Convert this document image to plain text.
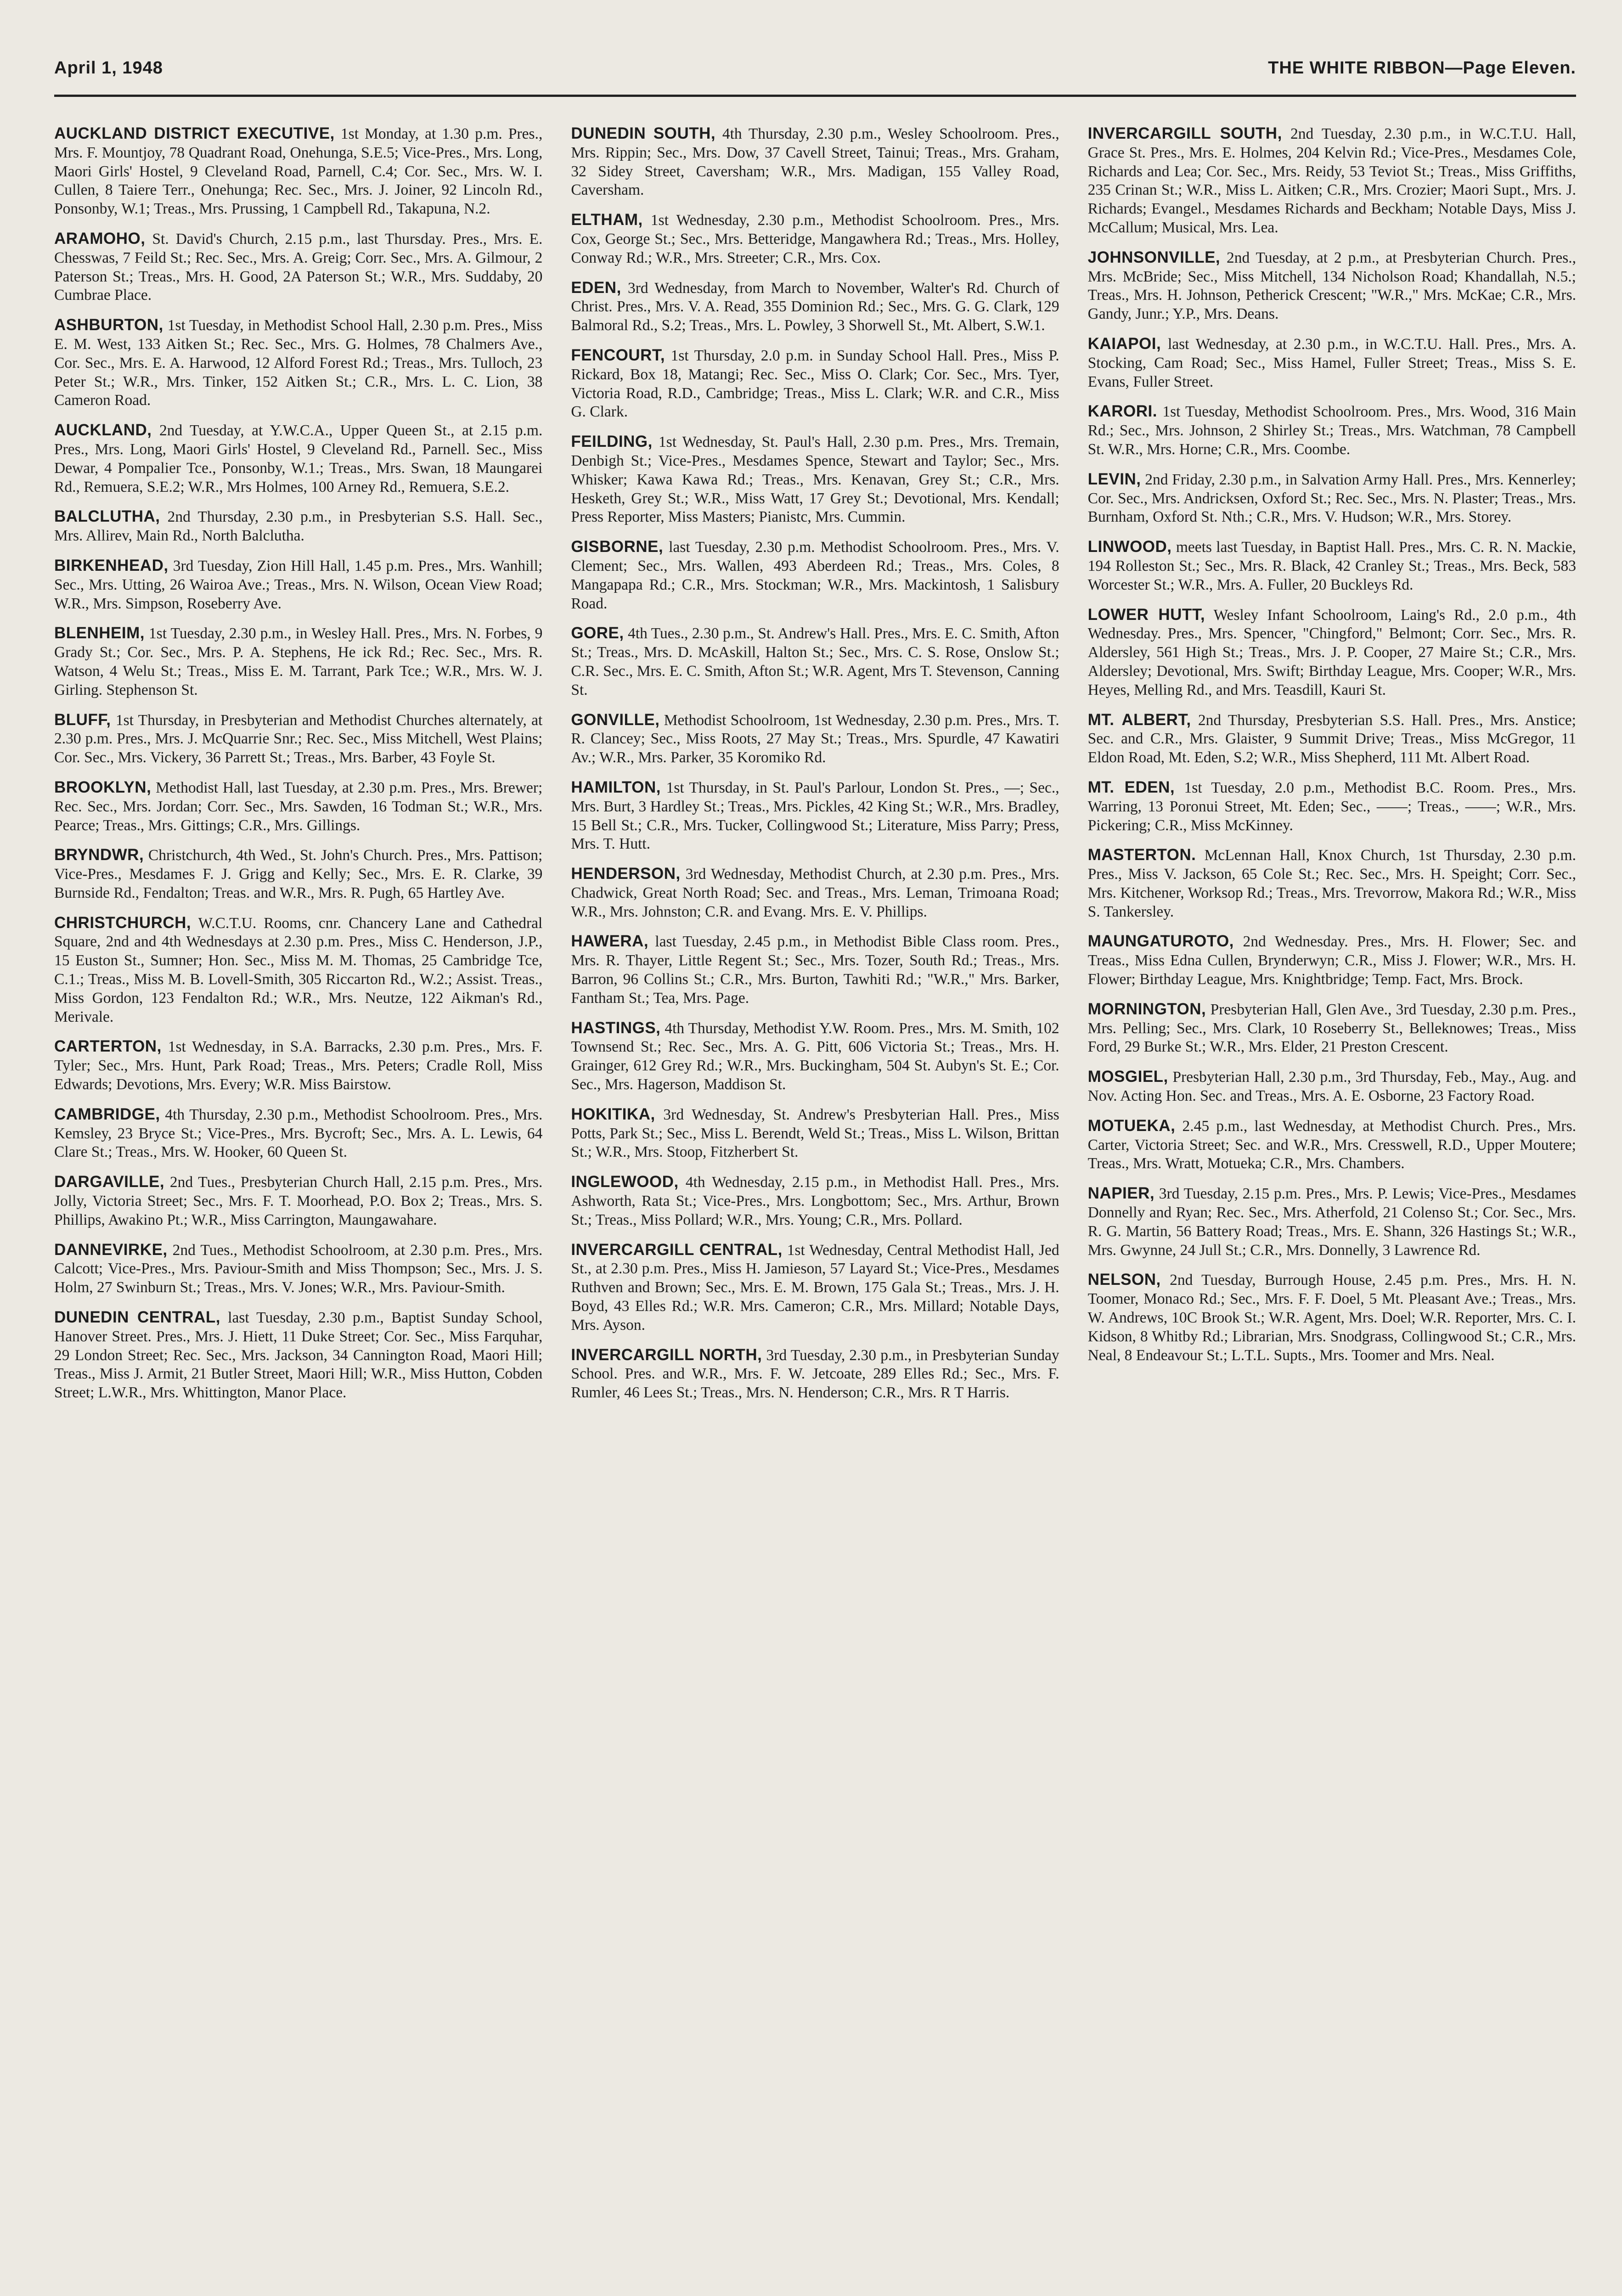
April 1, 1948	THE WHITE RIBBON—Page Eleven.

AUCKLAND DISTRICT EXECUTIVE, 1st Monday, at 1.30 p.m. Pres., Mrs. F. Mountjoy, 78 Quadrant Road, Onehunga, S.E.5; Vice-Pres., Mrs. Long, Maori Girls' Hostel, 9 Cleveland Road, Parnell, C.4; Cor. Sec., Mrs. W. I. Cullen, 8 Taiere Terr., Onehunga; Rec. Sec., Mrs. J. Joiner, 92 Lincoln Rd., Ponsonby, W.1; Treas., Mrs. Prussing, 1 Campbell Rd., Takapuna, N.2.

ARAMOHO, St. David's Church, 2.15 p.m., last Thursday. Pres., Mrs. E. Chesswas, 7 Feild St.; Rec. Sec., Mrs. A. Greig; Corr. Sec., Mrs. A. Gilmour, 2 Paterson St.; Treas., Mrs. H. Good, 2A Paterson St.; W.R., Mrs. Suddaby, 20 Cumbrae Place.

ASHBURTON, 1st Tuesday, in Methodist School Hall, 2.30 p.m. Pres., Miss E. M. West, 133 Aitken St.; Rec. Sec., Mrs. G. Holmes, 78 Chalmers Ave., Cor. Sec., Mrs. E. A. Harwood, 12 Alford Forest Rd.; Treas., Mrs. Tulloch, 23 Peter St.; W.R., Mrs. Tinker, 152 Aitken St.; C.R., Mrs. L. C. Lion, 38 Cameron Road.

AUCKLAND, 2nd Tuesday, at Y.W.C.A., Upper Queen St., at 2.15 p.m. Pres., Mrs. Long, Maori Girls' Hostel, 9 Cleveland Rd., Parnell. Sec., Miss Dewar, 4 Pompalier Tce., Ponsonby, W.1.; Treas., Mrs. Swan, 18 Maungarei Rd., Remuera, S.E.2; W.R., Mrs Holmes, 100 Arney Rd., Remuera, S.E.2.

BALCLUTHA, 2nd Thursday, 2.30 p.m., in Presbyterian S.S. Hall. Sec., Mrs. Allirev, Main Rd., North Balclutha.

BIRKENHEAD, 3rd Tuesday, Zion Hill Hall, 1.45 p.m. Pres., Mrs. Wanhill; Sec., Mrs. Utting, 26 Wairoa Ave.; Treas., Mrs. N. Wilson, Ocean View Road; W.R., Mrs. Simpson, Roseberry Ave.

BLENHEIM, 1st Tuesday, 2.30 p.m., in Wesley Hall. Pres., Mrs. N. Forbes, 9 Grady St.; Cor. Sec., Mrs. P. A. Stephens, He ick Rd.; Rec. Sec., Mrs. R. Watson, 4 Welu St.; Treas., Miss E. M. Tarrant, Park Tce.; W.R., Mrs. W. J. Girling. Stephenson St.

BLUFF, 1st Thursday, in Presbyterian and Methodist Churches alternately, at 2.30 p.m. Pres., Mrs. J. McQuarrie Snr.; Rec. Sec., Miss Mitchell, West Plains; Cor. Sec., Mrs. Vickery, 36 Parrett St.; Treas., Mrs. Barber, 43 Foyle St.

BROOKLYN, Methodist Hall, last Tuesday, at 2.30 p.m. Pres., Mrs. Brewer; Rec. Sec., Mrs. Jordan; Corr. Sec., Mrs. Sawden, 16 Todman St.; W.R., Mrs. Pearce; Treas., Mrs. Gittings; C.R., Mrs. Gillings.

BRYNDWR, Christchurch, 4th Wed., St. John's Church. Pres., Mrs. Pattison; Vice-Pres., Mesdames F. J. Grigg and Kelly; Sec., Mrs. E. R. Clarke, 39 Burnside Rd., Fendalton; Treas. and W.R., Mrs. R. Pugh, 65 Hartley Ave.

CHRISTCHURCH, W.C.T.U. Rooms, cnr. Chancery Lane and Cathedral Square, 2nd and 4th Wednesdays at 2.30 p.m. Pres., Miss C. Henderson, J.P., 15 Euston St., Sumner; Hon. Sec., Miss M. M. Thomas, 25 Cambridge Tce, C.1.; Treas., Miss M. B. Lovell-Smith, 305 Riccarton Rd., W.2.; Assist. Treas., Miss Gordon, 123 Fendalton Rd.; W.R., Mrs. Neutze, 122 Aikman's Rd., Merivale.

CARTERTON, 1st Wednesday, in S.A. Barracks, 2.30 p.m. Pres., Mrs. F. Tyler; Sec., Mrs. Hunt, Park Road; Treas., Mrs. Peters; Cradle Roll, Miss Edwards; Devotions, Mrs. Every; W.R. Miss Bairstow.

CAMBRIDGE, 4th Thursday, 2.30 p.m., Methodist Schoolroom. Pres., Mrs. Kemsley, 23 Bryce St.; Vice-Pres., Mrs. Bycroft; Sec., Mrs. A. L. Lewis, 64 Clare St.; Treas., Mrs. W. Hooker, 60 Queen St.

DARGAVILLE, 2nd Tues., Presbyterian Church Hall, 2.15 p.m. Pres., Mrs. Jolly, Victoria Street; Sec., Mrs. F. T. Moorhead, P.O. Box 2; Treas., Mrs. S. Phillips, Awakino Pt.; W.R., Miss Carrington, Maungawahare.

DANNEVIRKE, 2nd Tues., Methodist Schoolroom, at 2.30 p.m. Pres., Mrs. Calcott; Vice-Pres., Mrs. Paviour-Smith and Miss Thompson; Sec., Mrs. J. S. Holm, 27 Swinburn St.; Treas., Mrs. V. Jones; W.R., Mrs. Paviour-Smith.

DUNEDIN CENTRAL, last Tuesday, 2.30 p.m., Baptist Sunday School, Hanover Street. Pres., Mrs. J. Hiett, 11 Duke Street; Cor. Sec., Miss Farquhar, 29 London Street; Rec. Sec., Mrs. Jackson, 34 Cannington Road, Maori Hill; Treas., Miss J. Armit, 21 Butler Street, Maori Hill; W.R., Miss Hutton, Cobden Street; L.W.R., Mrs. Whittington, Manor Place.

DUNEDIN SOUTH, 4th Thursday, 2.30 p.m., Wesley Schoolroom. Pres., Mrs. Rippin; Sec., Mrs. Dow, 37 Cavell Street, Tainui; Treas., Mrs. Graham, 32 Sidey Street, Caversham; W.R., Mrs. Madigan, 155 Valley Road, Caversham.

ELTHAM, 1st Wednesday, 2.30 p.m., Methodist Schoolroom. Pres., Mrs. Cox, George St.; Sec., Mrs. Betteridge, Mangawhera Rd.; Treas., Mrs. Holley, Conway Rd.; W.R., Mrs. Streeter; C.R., Mrs. Cox.

EDEN, 3rd Wednesday, from March to November, Walter's Rd. Church of Christ. Pres., Mrs. V. A. Read, 355 Dominion Rd.; Sec., Mrs. G. G. Clark, 129 Balmoral Rd., S.2; Treas., Mrs. L. Powley, 3 Shorwell St., Mt. Albert, S.W.1.

FENCOURT, 1st Thursday, 2.0 p.m. in Sunday School Hall. Pres., Miss P. Rickard, Box 18, Matangi; Rec. Sec., Miss O. Clark; Cor. Sec., Mrs. Tyer, Victoria Road, R.D., Cambridge; Treas., Miss L. Clark; W.R. and C.R., Miss G. Clark.

FEILDING, 1st Wednesday, St. Paul's Hall, 2.30 p.m. Pres., Mrs. Tremain, Denbigh St.; Vice-Pres., Mesdames Spence, Stewart and Taylor; Sec., Mrs. Whisker; Kawa Kawa Rd.; Treas., Mrs. Kenavan, Grey St.; C.R., Mrs. Hesketh, Grey St.; W.R., Miss Watt, 17 Grey St.; Devotional, Mrs. Kendall; Press Reporter, Miss Masters; Pianistc, Mrs. Cummin.

GISBORNE, last Tuesday, 2.30 p.m. Methodist Schoolroom. Pres., Mrs. V. Clement; Sec., Mrs. Wallen, 493 Aberdeen Rd.; Treas., Mrs. Coles, 8 Mangapapa Rd.; C.R., Mrs. Stockman; W.R., Mrs. Mackintosh, 1 Salisbury Road.

GORE, 4th Tues., 2.30 p.m., St. Andrew's Hall. Pres., Mrs. E. C. Smith, Afton St.; Treas., Mrs. D. McAskill, Halton St.; Sec., Mrs. C. S. Rose, Onslow St.; C.R. Sec., Mrs. E. C. Smith, Afton St.; W.R. Agent, Mrs T. Stevenson, Canning St.

GONVILLE, Methodist Schoolroom, 1st Wednesday, 2.30 p.m. Pres., Mrs. T. R. Clancey; Sec., Miss Roots, 27 May St.; Treas., Mrs. Spurdle, 47 Kawatiri Av.; W.R., Mrs. Parker, 35 Koromiko Rd.

HAMILTON, 1st Thursday, in St. Paul's Parlour, London St. Pres., —; Sec., Mrs. Burt, 3 Hardley St.; Treas., Mrs. Pickles, 42 King St.; W.R., Mrs. Bradley, 15 Bell St.; C.R., Mrs. Tucker, Collingwood St.; Literature, Miss Parry; Press, Mrs. T. Hutt.

HENDERSON, 3rd Wednesday, Methodist Church, at 2.30 p.m. Pres., Mrs. Chadwick, Great North Road; Sec. and Treas., Mrs. Leman, Trimoana Road; W.R., Mrs. Johnston; C.R. and Evang. Mrs. E. V. Phillips.

HAWERA, last Tuesday, 2.45 p.m., in Methodist Bible Class room. Pres., Mrs. R. Thayer, Little Regent St.; Sec., Mrs. Tozer, South Rd.; Treas., Mrs. Barron, 96 Collins St.; C.R., Mrs. Burton, Tawhiti Rd.; "W.R.," Mrs. Barker, Fantham St.; Tea, Mrs. Page.

HASTINGS, 4th Thursday, Methodist Y.W. Room. Pres., Mrs. M. Smith, 102 Townsend St.; Rec. Sec., Mrs. A. G. Pitt, 606 Victoria St.; Treas., Mrs. H. Grainger, 612 Grey Rd.; W.R., Mrs. Buckingham, 504 St. Aubyn's St. E.; Cor. Sec., Mrs. Hagerson, Maddison St.

HOKITIKA, 3rd Wednesday, St. Andrew's Presbyterian Hall. Pres., Miss Potts, Park St.; Sec., Miss L. Berendt, Weld St.; Treas., Miss L. Wilson, Brittan St.; W.R., Mrs. Stoop, Fitzherbert St.

INGLEWOOD, 4th Wednesday, 2.15 p.m., in Methodist Hall. Pres., Mrs. Ashworth, Rata St.; Vice-Pres., Mrs. Longbottom; Sec., Mrs. Arthur, Brown St.; Treas., Miss Pollard; W.R., Mrs. Young; C.R., Mrs. Pollard.

INVERCARGILL CENTRAL, 1st Wednesday, Central Methodist Hall, Jed St., at 2.30 p.m. Pres., Miss H. Jamieson, 57 Layard St.; Vice-Pres., Mesdames Ruthven and Brown; Sec., Mrs. E. M. Brown, 175 Gala St.; Treas., Mrs. J. H. Boyd, 43 Elles Rd.; W.R. Mrs. Cameron; C.R., Mrs. Millard; Notable Days, Mrs. Ayson.

INVERCARGILL NORTH, 3rd Tuesday, 2.30 p.m., in Presbyterian Sunday School. Pres. and W.R., Mrs. F. W. Jetcoate, 289 Elles Rd.; Sec., Mrs. F. Rumler, 46 Lees St.; Treas., Mrs. N. Henderson; C.R., Mrs. R T Harris.

INVERCARGILL SOUTH, 2nd Tuesday, 2.30 p.m., in W.C.T.U. Hall, Grace St. Pres., Mrs. E. Holmes, 204 Kelvin Rd.; Vice-Pres., Mesdames Cole, Richards and Lea; Cor. Sec., Mrs. Reidy, 53 Teviot St.; Treas., Miss Griffiths, 235 Crinan St.; W.R., Miss L. Aitken; C.R., Mrs. Crozier; Maori Supt., Mrs. J. Richards; Evangel., Mesdames Richards and Beckham; Notable Days, Miss J. McCallum; Musical, Mrs. Lea.

JOHNSONVILLE, 2nd Tuesday, at 2 p.m., at Presbyterian Church. Pres., Mrs. McBride; Sec., Miss Mitchell, 134 Nicholson Road; Khandallah, N.5.; Treas., Mrs. H. Johnson, Petherick Crescent; "W.R.," Mrs. McKae; C.R., Mrs. Gandy, Junr.; Y.P., Mrs. Deans.

KAIAPOI, last Wednesday, at 2.30 p.m., in W.C.T.U. Hall. Pres., Mrs. A. Stocking, Cam Road; Sec., Miss Hamel, Fuller Street; Treas., Miss S. E. Evans, Fuller Street.

KARORI. 1st Tuesday, Methodist Schoolroom. Pres., Mrs. Wood, 316 Main Rd.; Sec., Mrs. Johnson, 2 Shirley St.; Treas., Mrs. Watchman, 78 Campbell St. W.R., Mrs. Horne; C.R., Mrs. Coombe.

LEVIN, 2nd Friday, 2.30 p.m., in Salvation Army Hall. Pres., Mrs. Kennerley; Cor. Sec., Mrs. Andricksen, Oxford St.; Rec. Sec., Mrs. N. Plaster; Treas., Mrs. Burnham, Oxford St. Nth.; C.R., Mrs. V. Hudson; W.R., Mrs. Storey.

LINWOOD, meets last Tuesday, in Baptist Hall. Pres., Mrs. C. R. N. Mackie, 194 Rolleston St.; Sec., Mrs. R. Black, 42 Cranley St.; Treas., Mrs. Beck, 583 Worcester St.; W.R., Mrs. A. Fuller, 20 Buckleys Rd.

LOWER HUTT, Wesley Infant Schoolroom, Laing's Rd., 2.0 p.m., 4th Wednesday. Pres., Mrs. Spencer, "Chingford," Belmont; Corr. Sec., Mrs. R. Aldersley, 561 High St.; Treas., Mrs. J. P. Cooper, 27 Maire St.; C.R., Mrs. Aldersley; Devotional, Mrs. Swift; Birthday League, Mrs. Cooper; W.R., Mrs. Heyes, Melling Rd., and Mrs. Teasdill, Kauri St.

MT. ALBERT, 2nd Thursday, Presbyterian S.S. Hall. Pres., Mrs. Anstice; Sec. and C.R., Mrs. Glaister, 9 Summit Drive; Treas., Miss McGregor, 11 Eldon Road, Mt. Eden, S.2; W.R., Miss Shepherd, 111 Mt. Albert Road.

MT. EDEN, 1st Tuesday, 2.0 p.m., Methodist B.C. Room. Pres., Mrs. Warring, 13 Poronui Street, Mt. Eden; Sec., ——; Treas., ——; W.R., Mrs. Pickering; C.R., Miss McKinney.

MASTERTON. McLennan Hall, Knox Church, 1st Thursday, 2.30 p.m. Pres., Miss V. Jackson, 65 Cole St.; Rec. Sec., Mrs. H. Speight; Corr. Sec., Mrs. Kitchener, Worksop Rd.; Treas., Mrs. Trevorrow, Makora Rd.; W.R., Miss S. Tankersley.

MAUNGATUROTO, 2nd Wednesday. Pres., Mrs. H. Flower; Sec. and Treas., Miss Edna Cullen, Brynderwyn; C.R., Miss J. Flower; W.R., Mrs. H. Flower; Birthday League, Mrs. Knightbridge; Temp. Fact, Mrs. Brock.

MORNINGTON, Presbyterian Hall, Glen Ave., 3rd Tuesday, 2.30 p.m. Pres., Mrs. Pelling; Sec., Mrs. Clark, 10 Roseberry St., Belleknowes; Treas., Miss Ford, 29 Burke St.; W.R., Mrs. Elder, 21 Preston Crescent.

MOSGIEL, Presbyterian Hall, 2.30 p.m., 3rd Thursday, Feb., May., Aug. and Nov. Acting Hon. Sec. and Treas., Mrs. A. E. Osborne, 23 Factory Road.

MOTUEKA, 2.45 p.m., last Wednesday, at Methodist Church. Pres., Mrs. Carter, Victoria Street; Sec. and W.R., Mrs. Cresswell, R.D., Upper Moutere; Treas., Mrs. Wratt, Motueka; C.R., Mrs. Chambers.

NAPIER, 3rd Tuesday, 2.15 p.m. Pres., Mrs. P. Lewis; Vice-Pres., Mesdames Donnelly and Ryan; Rec. Sec., Mrs. Atherfold, 21 Colenso St.; Cor. Sec., Mrs. R. G. Martin, 56 Battery Road; Treas., Mrs. E. Shann, 326 Hastings St.; W.R., Mrs. Gwynne, 24 Jull St.; C.R., Mrs. Donnelly, 3 Lawrence Rd.

NELSON, 2nd Tuesday, Burrough House, 2.45 p.m. Pres., Mrs. H. N. Toomer, Monaco Rd.; Sec., Mrs. F. F. Doel, 5 Mt. Pleasant Ave.; Treas., Mrs. W. Andrews, 10C Brook St.; W.R. Agent, Mrs. Doel; W.R. Reporter, Mrs. C. I. Kidson, 8 Whitby Rd.; Librarian, Mrs. Snodgrass, Collingwood St.; C.R., Mrs. Neal, 8 Endeavour St.; L.T.L. Supts., Mrs. Toomer and Mrs. Neal.
